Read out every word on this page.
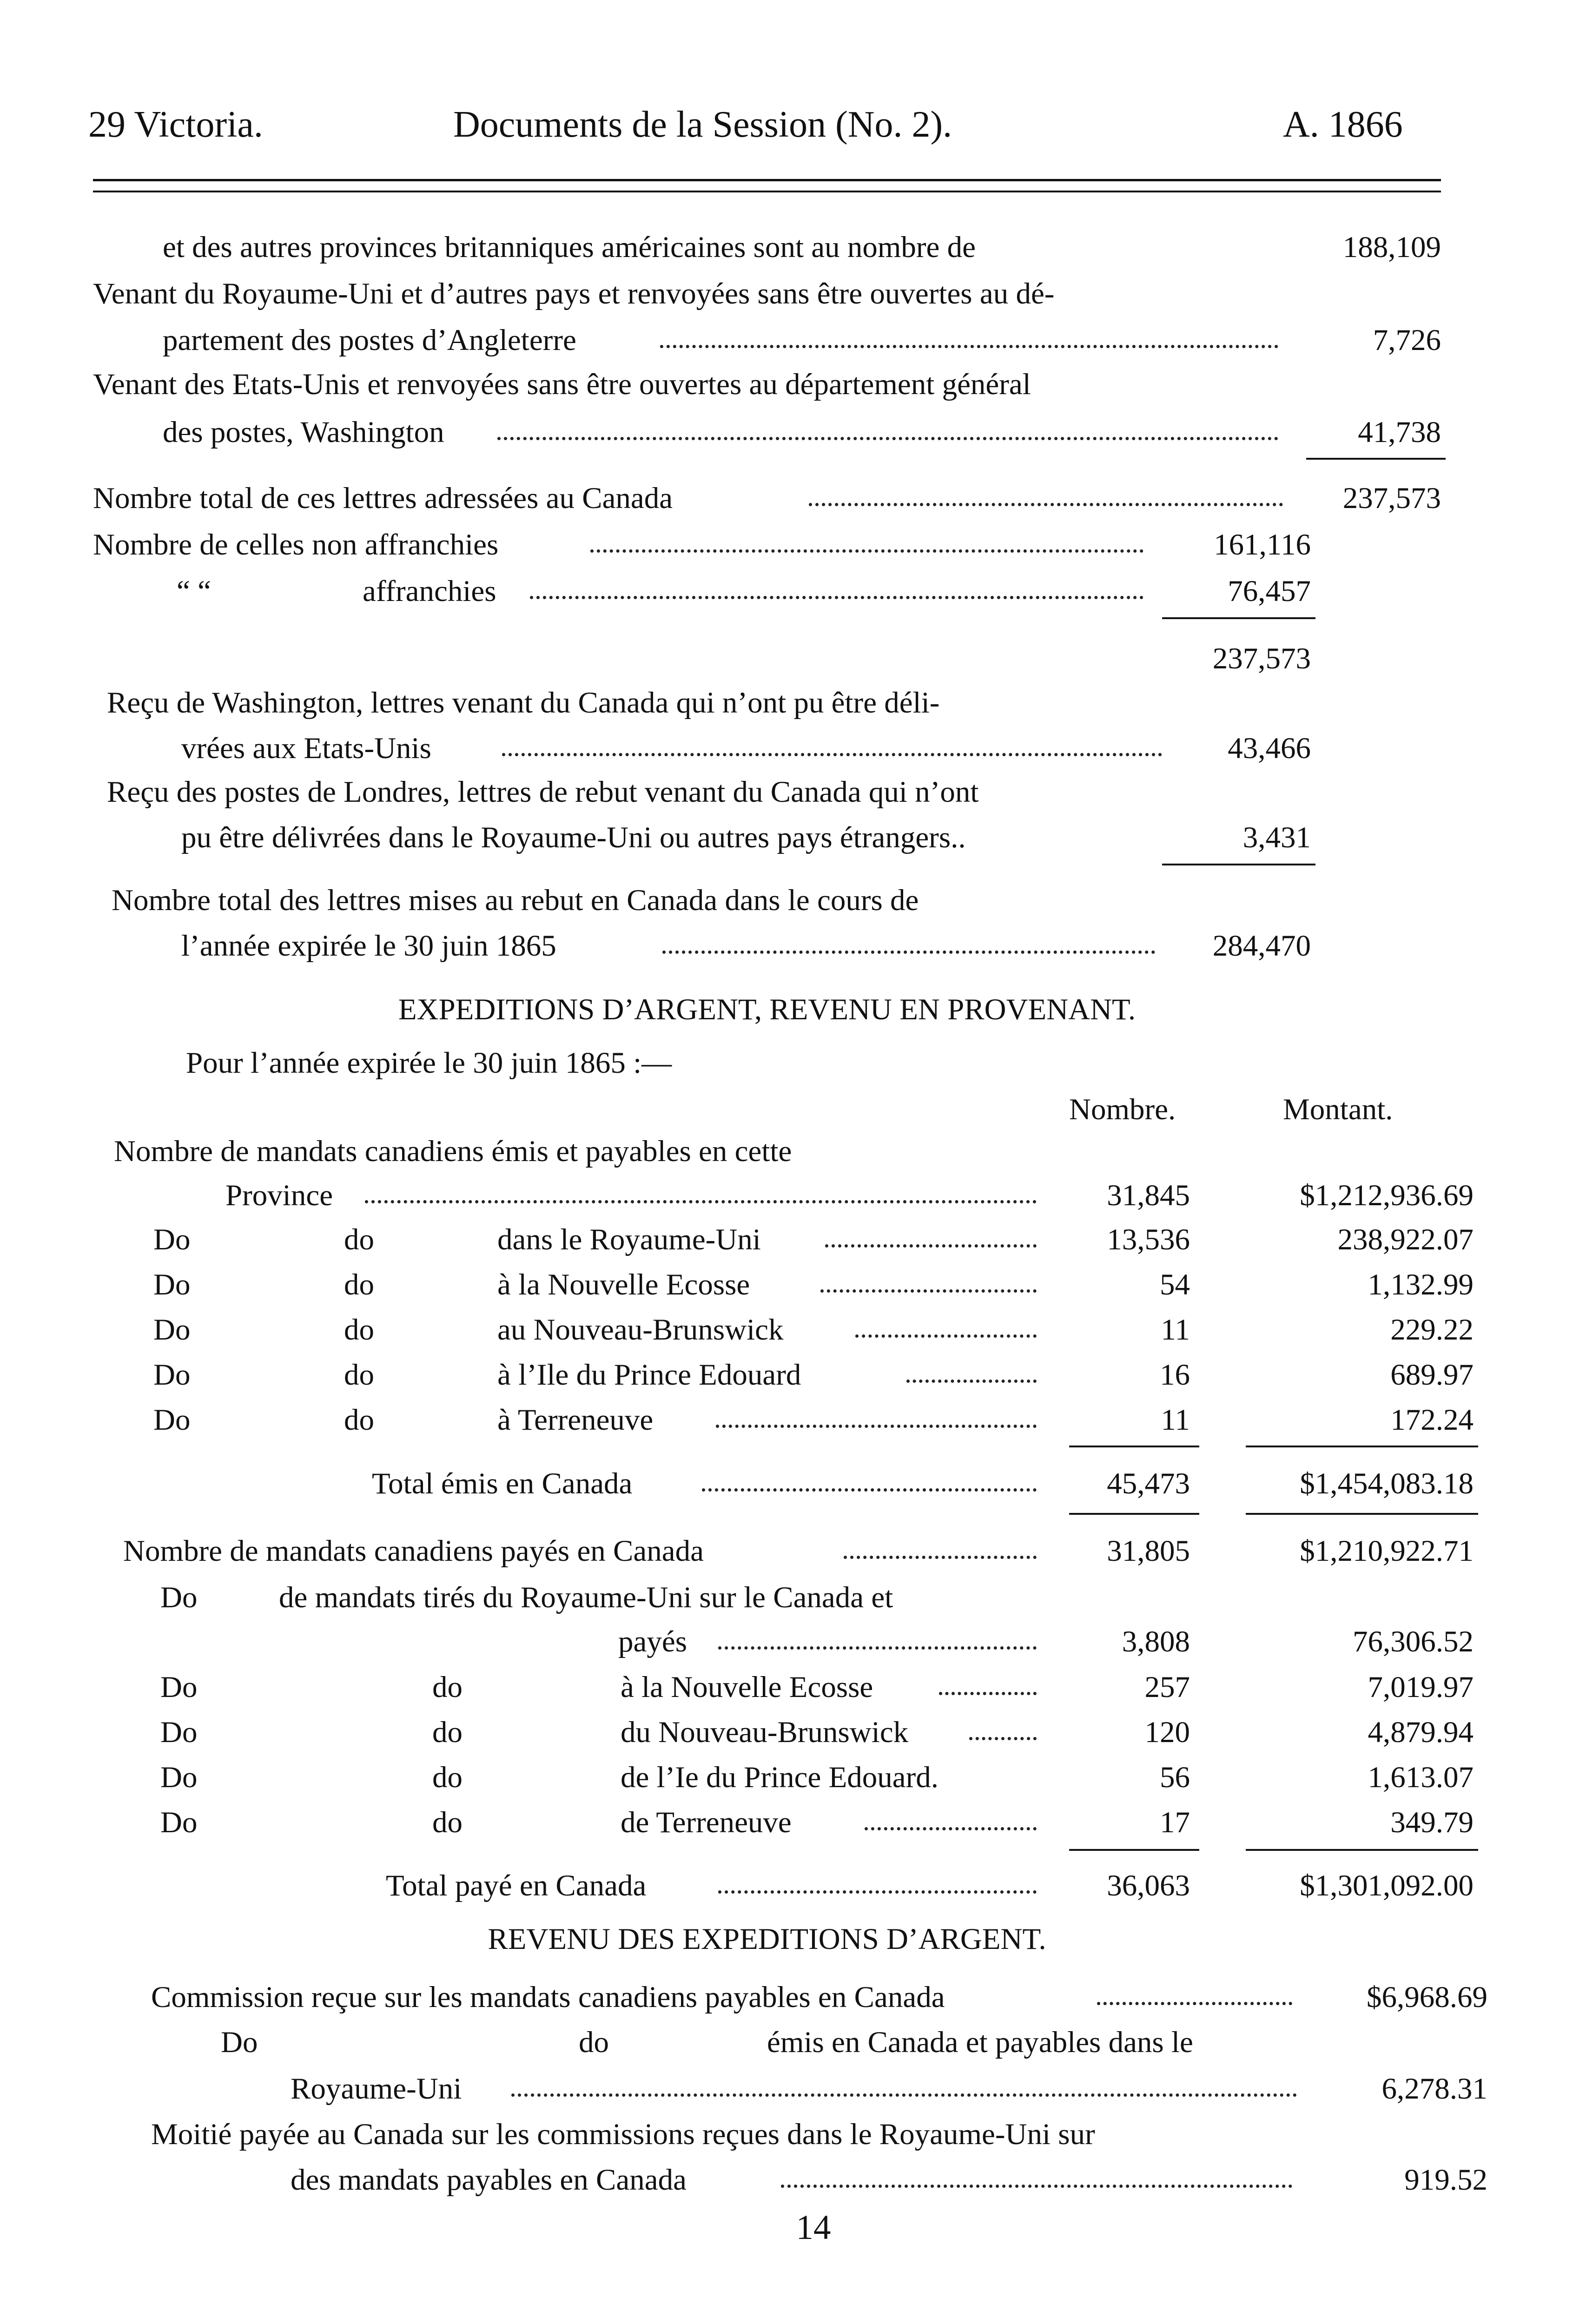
29 Victoria.	Documents de la Session (No. 2).	A. 1866
et des autres provinces britanniques américaines sont au nombre de	188,109
Venant du Royaume-Uni et d’autres pays et renvoyées sans être ouvertes au dé-
partement des postes d’Angleterre	7,726
Venant des Etats-Unis et renvoyées sans être ouvertes au département général
des postes, Washington	41,738
Nombre total de ces lettres adressées au Canada	237,573
Nombre de celles non affranchies	161,116
“ “	affranchies	76,457
237,573
Reçu de Washington, lettres venant du Canada qui n’ont pu être déli-
vrées aux Etats-Unis	43,466
Reçu des postes de Londres, lettres de rebut venant du Canada qui n’ont
pu être délivrées dans le Royaume-Uni ou autres pays étrangers..	3,431
Nombre total des lettres mises au rebut en Canada dans le cours de
l’année expirée le 30 juin 1865	284,470
EXPEDITIONS D’ARGENT, REVENU EN PROVENANT.
Pour l’année expirée le 30 juin 1865 :—
Nombre.	Montant.
Nombre de mandats canadiens émis et payables en cette
Province	31,845	$1,212,936.69
Do	do	dans le Royaume-Uni	13,536	238,922.07
Do	do	à la Nouvelle Ecosse	54	1,132.99
Do	do	au Nouveau-Brunswick	11	229.22
Do	do	à l’Ile du Prince Edouard	16	689.97
Do	do	à Terreneuve	11	172.24
Total émis en Canada	45,473	$1,454,083.18
Nombre de mandats canadiens payés en Canada	31,805	$1,210,922.71
Do	de mandats tirés du Royaume-Uni sur le Canada et
payés	3,808	76,306.52
Do	do	à la Nouvelle Ecosse	257	7,019.97
Do	do	du Nouveau-Brunswick	120	4,879.94
Do	do	de l’Ie du Prince Edouard.	56	1,613.07
Do	do	de Terreneuve	17	349.79
Total payé en Canada	36,063	$1,301,092.00
REVENU DES EXPEDITIONS D’ARGENT.
Commission reçue sur les mandats canadiens payables en Canada	$6,968.69
Do	do	émis en Canada et payables dans le
Royaume-Uni	6,278.31
Moitié payée au Canada sur les commissions reçues dans le Royaume-Uni sur
des mandats payables en Canada	919.52
14
